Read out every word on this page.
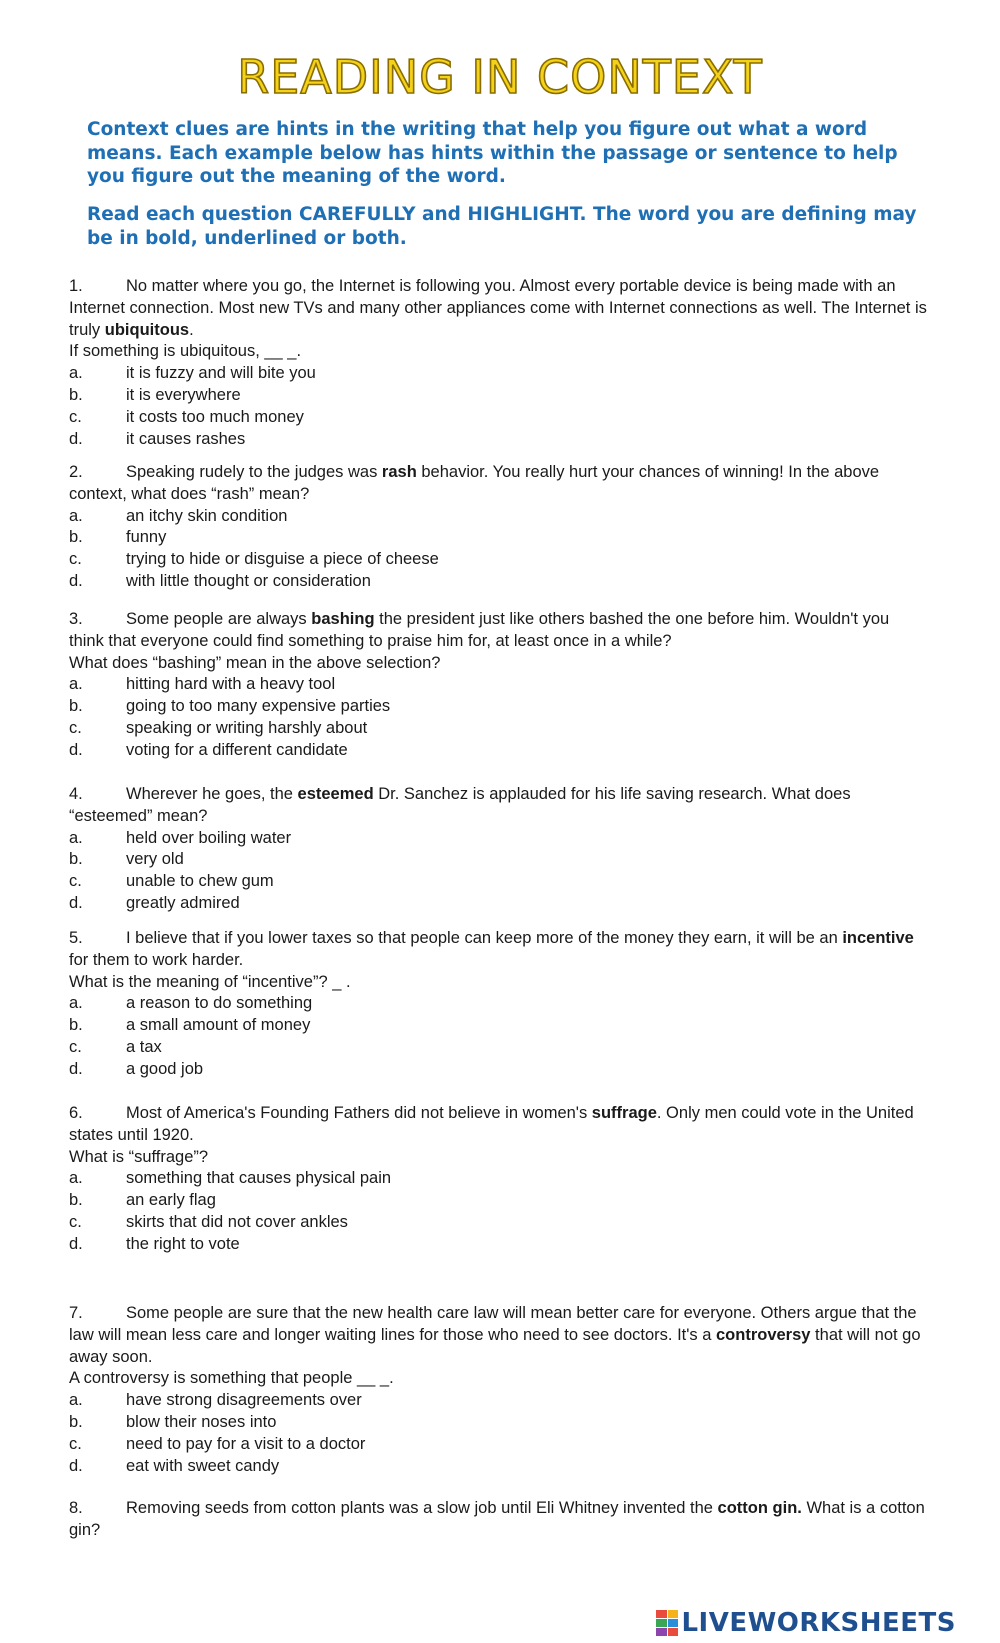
READING IN CONTEXT
Context clues are hints in the writing that help you figure out what a word means. Each example below has hints within the passage or sentence to help you figure out the meaning of the word.
Read each question CAREFULLY and HIGHLIGHT. The word you are defining may be in bold, underlined or both.

1.	No matter where you go, the Internet is following you. Almost every portable device is being made with an Internet connection. Most new TVs and many other appliances come with Internet connections as well. The Internet is truly ubiquitous.

If something is ubiquitous, __ _.

a.	it is fuzzy and will bite you
b.	it is everywhere
c.	it costs too much money
d.	it causes rashes

2.	Speaking rudely to the judges was rash behavior. You really hurt your chances of winning! In the above context, what does “rash” mean?

a.	an itchy skin condition
b.	funny
c.	trying to hide or disguise a piece of cheese
d.	with little thought or consideration

3.	Some people are always bashing the president just like others bashed the one before him. Wouldn't you think that everyone could find something to praise him for, at least once in a while?

What does “bashing” mean in the above selection?

a.	hitting hard with a heavy tool
b.	going to too many expensive parties
c.	speaking or writing harshly about
d.	voting for a different candidate

4.	Wherever he goes, the esteemed Dr. Sanchez is applauded for his life saving research. What does “esteemed” mean?

a.	held over boiling water
b.	very old
c.	unable to chew gum
d.	greatly admired

5.	I believe that if you lower taxes so that people can keep more of the money they earn, it will be an incentive for them to work harder.

What is the meaning of “incentive”? _ .

a.	a reason to do something
b.	a small amount of money
c.	a tax
d.	a good job

6.	Most of America's Founding Fathers did not believe in women's suffrage. Only men could vote in the United states until 1920.

What is “suffrage”?

a.	something that causes physical pain
b.	an early flag
c.	skirts that did not cover ankles
d.	the right to vote

7.	Some people are sure that the new health care law will mean better care for everyone. Others argue that the law will mean less care and longer waiting lines for those who need to see doctors. It's a controversy that will not go away soon.

A controversy is something that people __ _.

a.	have strong disagreements over
b.	blow their noses into
c.	need to pay for a visit to a doctor
d.	eat with sweet candy

8.	Removing seeds from cotton plants was a slow job until Eli Whitney invented the cotton gin. What is a cotton gin?

LIVEWORKSHEETS
